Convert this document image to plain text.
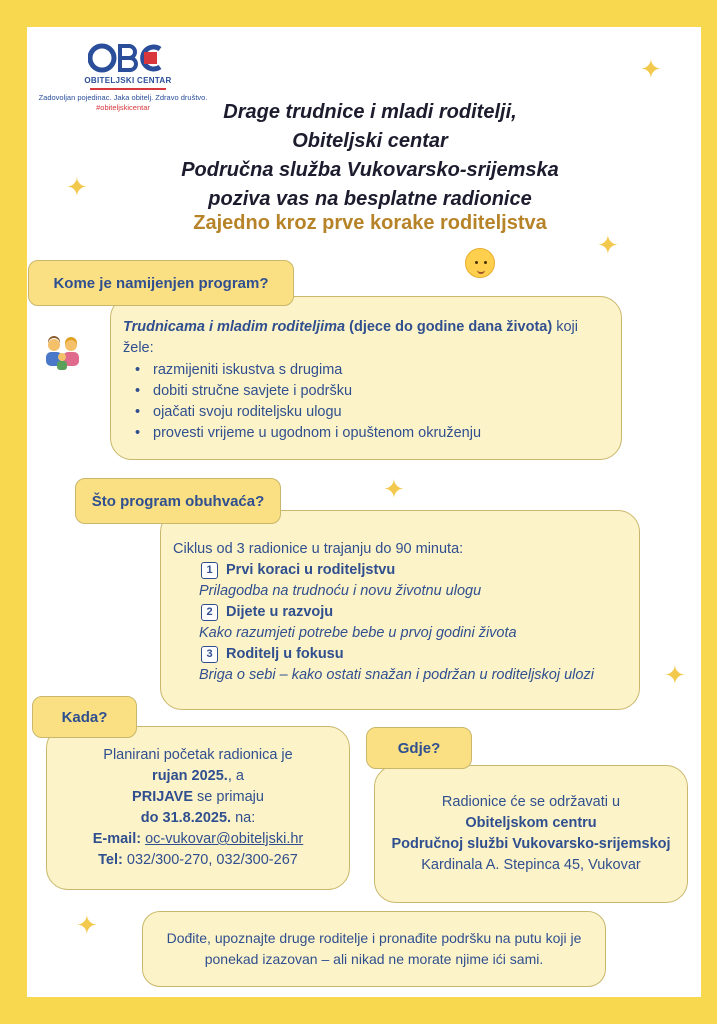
OBITELJSKI CENTAR
Zadovoljan pojedinac. Jaka obitelj. Zdravo društvo.
#obiteljskicentar	Drage trudnice i mladi roditelji,
Obiteljski centar
Područna služba Vukovarsko-srijemska
poziva vas na besplatne radionice
Zajedno kroz prve korake roditeljstva
✦
✦
✦
✦
✦
✦
Trudnicama i mladim roditeljima (djece do godine dana života) koji žele:
• razmijeniti iskustva s drugima
• dobiti stručne savjete i podršku
• ojačati svoju roditeljsku ulogu
• provesti vrijeme u ugodnom i opuštenom okruženju
Kome je namijenjen program?
Ciklus od 3 radionice u trajanju do 90 minuta:
1 Prvi koraci u roditeljstvu
Prilagodba na trudnoću i novu životnu ulogu
2 Dijete u razvoju
Kako razumjeti potrebe bebe u prvoj godini života
3 Roditelj u fokusu
Briga o sebi – kako ostati snažan i podržan u roditeljskoj ulozi
Što program obuhvaća?
Planirani početak radionica je
rujan 2025., a
PRIJAVE se primaju
do 31.8.2025. na:
E-mail: oc-vukovar@obiteljski.hr
Tel: 032/300-270, 032/300-267
Kada?
Radionice će se održavati u
Obiteljskom centru
Područnoj službi Vukovarsko-srijemskoj
Kardinala A. Stepinca 45, Vukovar
Gdje?
Dođite, upoznajte druge roditelje i pronađite podršku na putu koji je ponekad izazovan – ali nikad ne morate njime ići sami.
